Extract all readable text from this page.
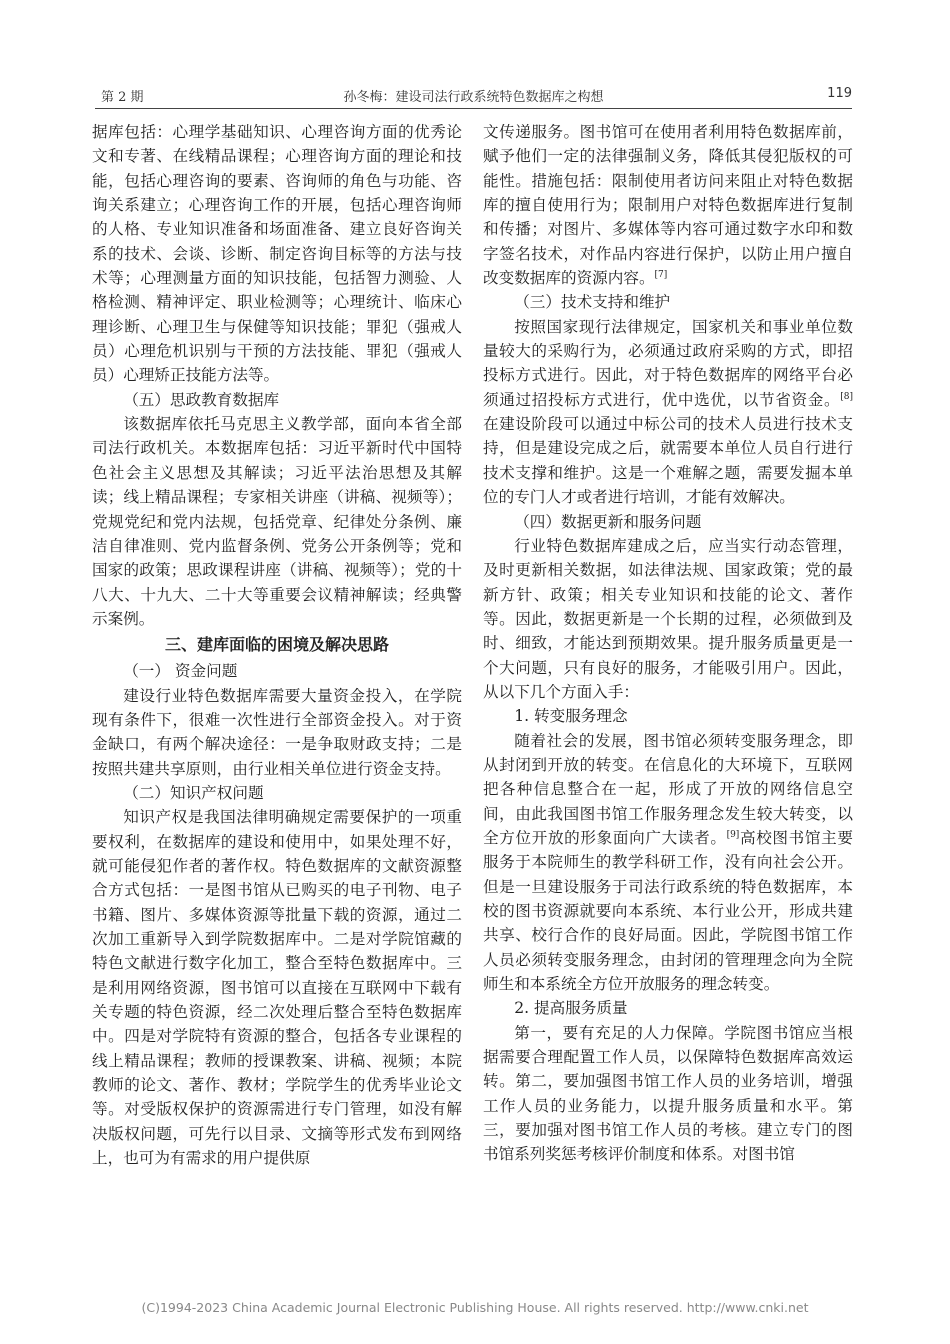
第 2 期	孙冬梅：建设司法行政系统特色数据库之构想	119

据库包括：心理学基础知识、心理咨询方面的优秀论文和专著、在线精品课程；心理咨询方面的理论和技能，包括心理咨询的要素、咨询师的角色与功能、咨询关系建立；心理咨询工作的开展，包括心理咨询师的人格、专业知识准备和场面准备、建立良好咨询关系的技术、会谈、诊断、制定咨询目标等的方法与技术等；心理测量方面的知识技能，包括智力测验、人格检测、精神评定、职业检测等；心理统计、临床心理诊断、心理卫生与保健等知识技能；罪犯（强戒人员）心理危机识别与干预的方法技能、罪犯（强戒人员）心理矫正技能方法等。

（五）思政教育数据库

该数据库依托马克思主义教学部，面向本省全部司法行政机关。本数据库包括：习近平新时代中国特色社会主义思想及其解读；习近平法治思想及其解读；线上精品课程；专家相关讲座（讲稿、视频等）；党规党纪和党内法规，包括党章、纪律处分条例、廉洁自律准则、党内监督条例、党务公开条例等；党和国家的政策；思政课程讲座（讲稿、视频等）；党的十八大、十九大、二十大等重要会议精神解读；经典警示案例。

三、建库面临的困境及解决思路

（一） 资金问题

建设行业特色数据库需要大量资金投入，在学院现有条件下，很难一次性进行全部资金投入。对于资金缺口，有两个解决途径：一是争取财政支持；二是按照共建共享原则，由行业相关单位进行资金支持。

（二）知识产权问题

知识产权是我国法律明确规定需要保护的一项重要权利，在数据库的建设和使用中，如果处理不好，就可能侵犯作者的著作权。特色数据库的文献资源整合方式包括：一是图书馆从已购买的电子刊物、电子书籍、图片、多媒体资源等批量下载的资源，通过二次加工重新导入到学院数据库中。二是对学院馆藏的特色文献进行数字化加工，整合至特色数据库中。三是利用网络资源，图书馆可以直接在互联网中下载有关专题的特色资源，经二次处理后整合至特色数据库中。四是对学院特有资源的整合，包括各专业课程的线上精品课程；教师的授课教案、讲稿、视频；本院教师的论文、著作、教材；学院学生的优秀毕业论文等。对受版权保护的资源需进行专门管理，如没有解决版权问题，可先行以目录、文摘等形式发布到网络上，也可为有需求的用户提供原

文传递服务。图书馆可在使用者利用特色数据库前，赋予他们一定的法律强制义务，降低其侵犯版权的可能性。措施包括：限制使用者访问来阻止对特色数据库的擅自使用行为；限制用户对特色数据库进行复制和传播；对图片、多媒体等内容可通过数字水印和数字签名技术，对作品内容进行保护，以防止用户擅自改变数据库的资源内容。[7]

（三）技术支持和维护

按照国家现行法律规定，国家机关和事业单位数量较大的采购行为，必须通过政府采购的方式，即招投标方式进行。因此，对于特色数据库的网络平台必须通过招投标方式进行，优中选优，以节省资金。[8]在建设阶段可以通过中标公司的技术人员进行技术支持，但是建设完成之后，就需要本单位人员自行进行技术支撑和维护。这是一个难解之题，需要发掘本单位的专门人才或者进行培训，才能有效解决。

（四）数据更新和服务问题

行业特色数据库建成之后，应当实行动态管理，及时更新相关数据，如法律法规、国家政策；党的最新方针、政策；相关专业知识和技能的论文、著作等。因此，数据更新是一个长期的过程，必须做到及时、细致，才能达到预期效果。提升服务质量更是一个大问题，只有良好的服务，才能吸引用户。因此，从以下几个方面入手：

1. 转变服务理念

随着社会的发展，图书馆必须转变服务理念，即从封闭到开放的转变。在信息化的大环境下，互联网把各种信息整合在一起，形成了开放的网络信息空间，由此我国图书馆工作服务理念发生较大转变，以全方位开放的形象面向广大读者。[9]高校图书馆主要服务于本院师生的教学科研工作，没有向社会公开。但是一旦建设服务于司法行政系统的特色数据库，本校的图书资源就要向本系统、本行业公开，形成共建共享、校行合作的良好局面。因此，学院图书馆工作人员必须转变服务理念，由封闭的管理理念向为全院师生和本系统全方位开放服务的理念转变。

2. 提高服务质量

第一，要有充足的人力保障。学院图书馆应当根据需要合理配置工作人员，以保障特色数据库高效运转。第二，要加强图书馆工作人员的业务培训，增强工作人员的业务能力，以提升服务质量和水平。第三，要加强对图书馆工作人员的考核。建立专门的图书馆系列奖惩考核评价制度和体系。对图书馆

(C)1994-2023 China Academic Journal Electronic Publishing House. All rights reserved. http://www.cnki.net
